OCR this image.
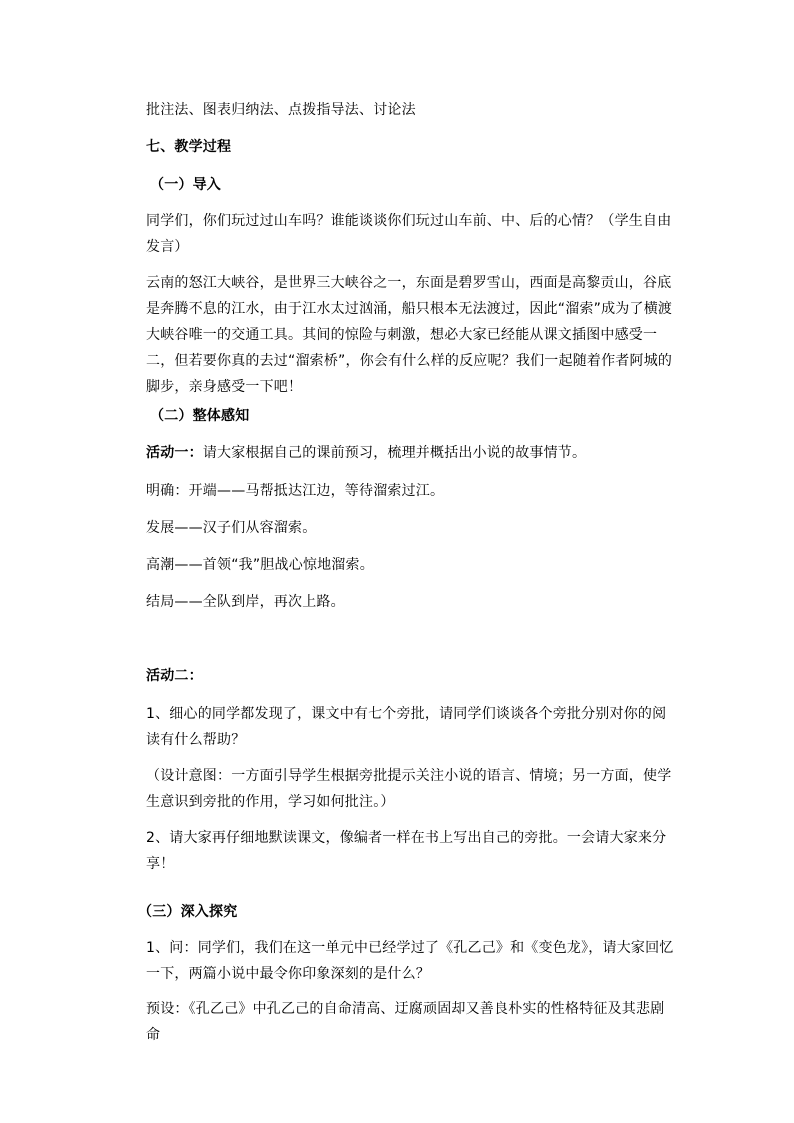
批注法、图表归纳法、点拨指导法、讨论法

七、教学过程

（一）导入

同学们，你们玩过过山车吗？谁能谈谈你们玩过山车前、中、后的心情？（学生自由发言）

云南的怒江大峡谷，是世界三大峡谷之一，东面是碧罗雪山，西面是高黎贡山，谷底是奔腾不息的江水，由于江水太过汹涌，船只根本无法渡过，因此“溜索”成为了横渡大峡谷唯一的交通工具。其间的惊险与刺激，想必大家已经能从课文插图中感受一二，但若要你真的去过“溜索桥”，你会有什么样的反应呢？我们一起随着作者阿城的脚步，亲身感受一下吧！

（二）整体感知

活动一：请大家根据自己的课前预习，梳理并概括出小说的故事情节。

明确：开端——马帮抵达江边，等待溜索过江。

发展——汉子们从容溜索。

高潮——首领“我”胆战心惊地溜索。

结局——全队到岸，再次上路。

活动二：

1、细心的同学都发现了，课文中有七个旁批，请同学们谈谈各个旁批分别对你的阅读有什么帮助？

（设计意图：一方面引导学生根据旁批提示关注小说的语言、情境；另一方面，使学生意识到旁批的作用，学习如何批注。）

2、请大家再仔细地默读课文，像编者一样在书上写出自己的旁批。一会请大家来分享！

（三）深入探究

1、问：同学们，我们在这一单元中已经学过了《孔乙己》和《变色龙》，请大家回忆一下，两篇小说中最令你印象深刻的是什么？

预设：《孔乙己》中孔乙己的自命清高、迂腐顽固却又善良朴实的性格特征及其悲剧命
